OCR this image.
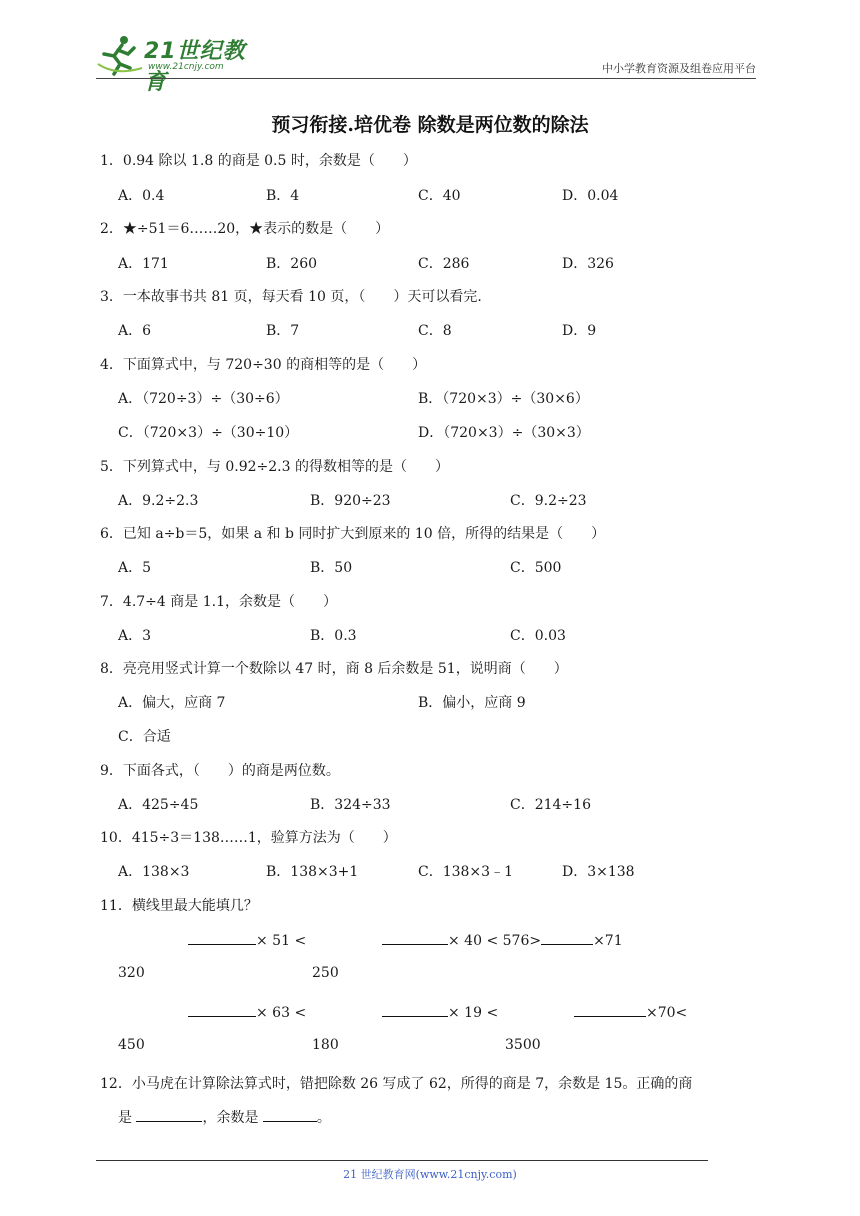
21世纪教育
www.21cnjy.com	中小学教育资源及组卷应用平台
预习衔接.培优卷 除数是两位数的除法
1．0.94 除以 1.8 的商是 0.5 时，余数是（　　）
A．0.4	B．4	C．40	D．0.04
2．★÷51＝6……20，★表示的数是（　　）
A．171	B．260	C．286	D．326
3．一本故事书共 81 页，每天看 10 页，（　　）天可以看完.
A．6	B．7	C．8	D．9
4．下面算式中，与 720÷30 的商相等的是（　　）
A．（720÷3）÷（30÷6）	B．（720×3）÷（30×6）
C．（720×3）÷（30÷10）	D．（720×3）÷（30×3）
5．下列算式中，与 0.92÷2.3 的得数相等的是（　　）
A．9.2÷2.3	B．920÷23	C．9.2÷23
6．已知 a÷b＝5，如果 a 和 b 同时扩大到原来的 10 倍，所得的结果是（　　）
A．5	B．50	C．500
7．4.7÷4 商是 1.1，余数是（　　）
A．3	B．0.3	C．0.03
8．亮亮用竖式计算一个数除以 47 时，商 8 后余数是 51，说明商（　　）
A．偏大，应商 7	B．偏小，应商 9
C．合适
9．下面各式，（　　）的商是两位数。
A．425÷45	B．324÷33	C．214÷16
10．415÷3＝138……1，验算方法为（　　）
A．138×3	B．138×3+1	C．138×3﹣1	D．3×138
11．横线里最大能填几？
× 51 <	× 40 < 576>	×71
320	250
× 63 <	× 19 <	×70<
450	180	3500
12．小马虎在计算除法算式时，错把除数 26 写成了 62，所得的商是 7，余数是 15。正确的商
是	，余数是	。
21 世纪教育网(www.21cnjy.com)
